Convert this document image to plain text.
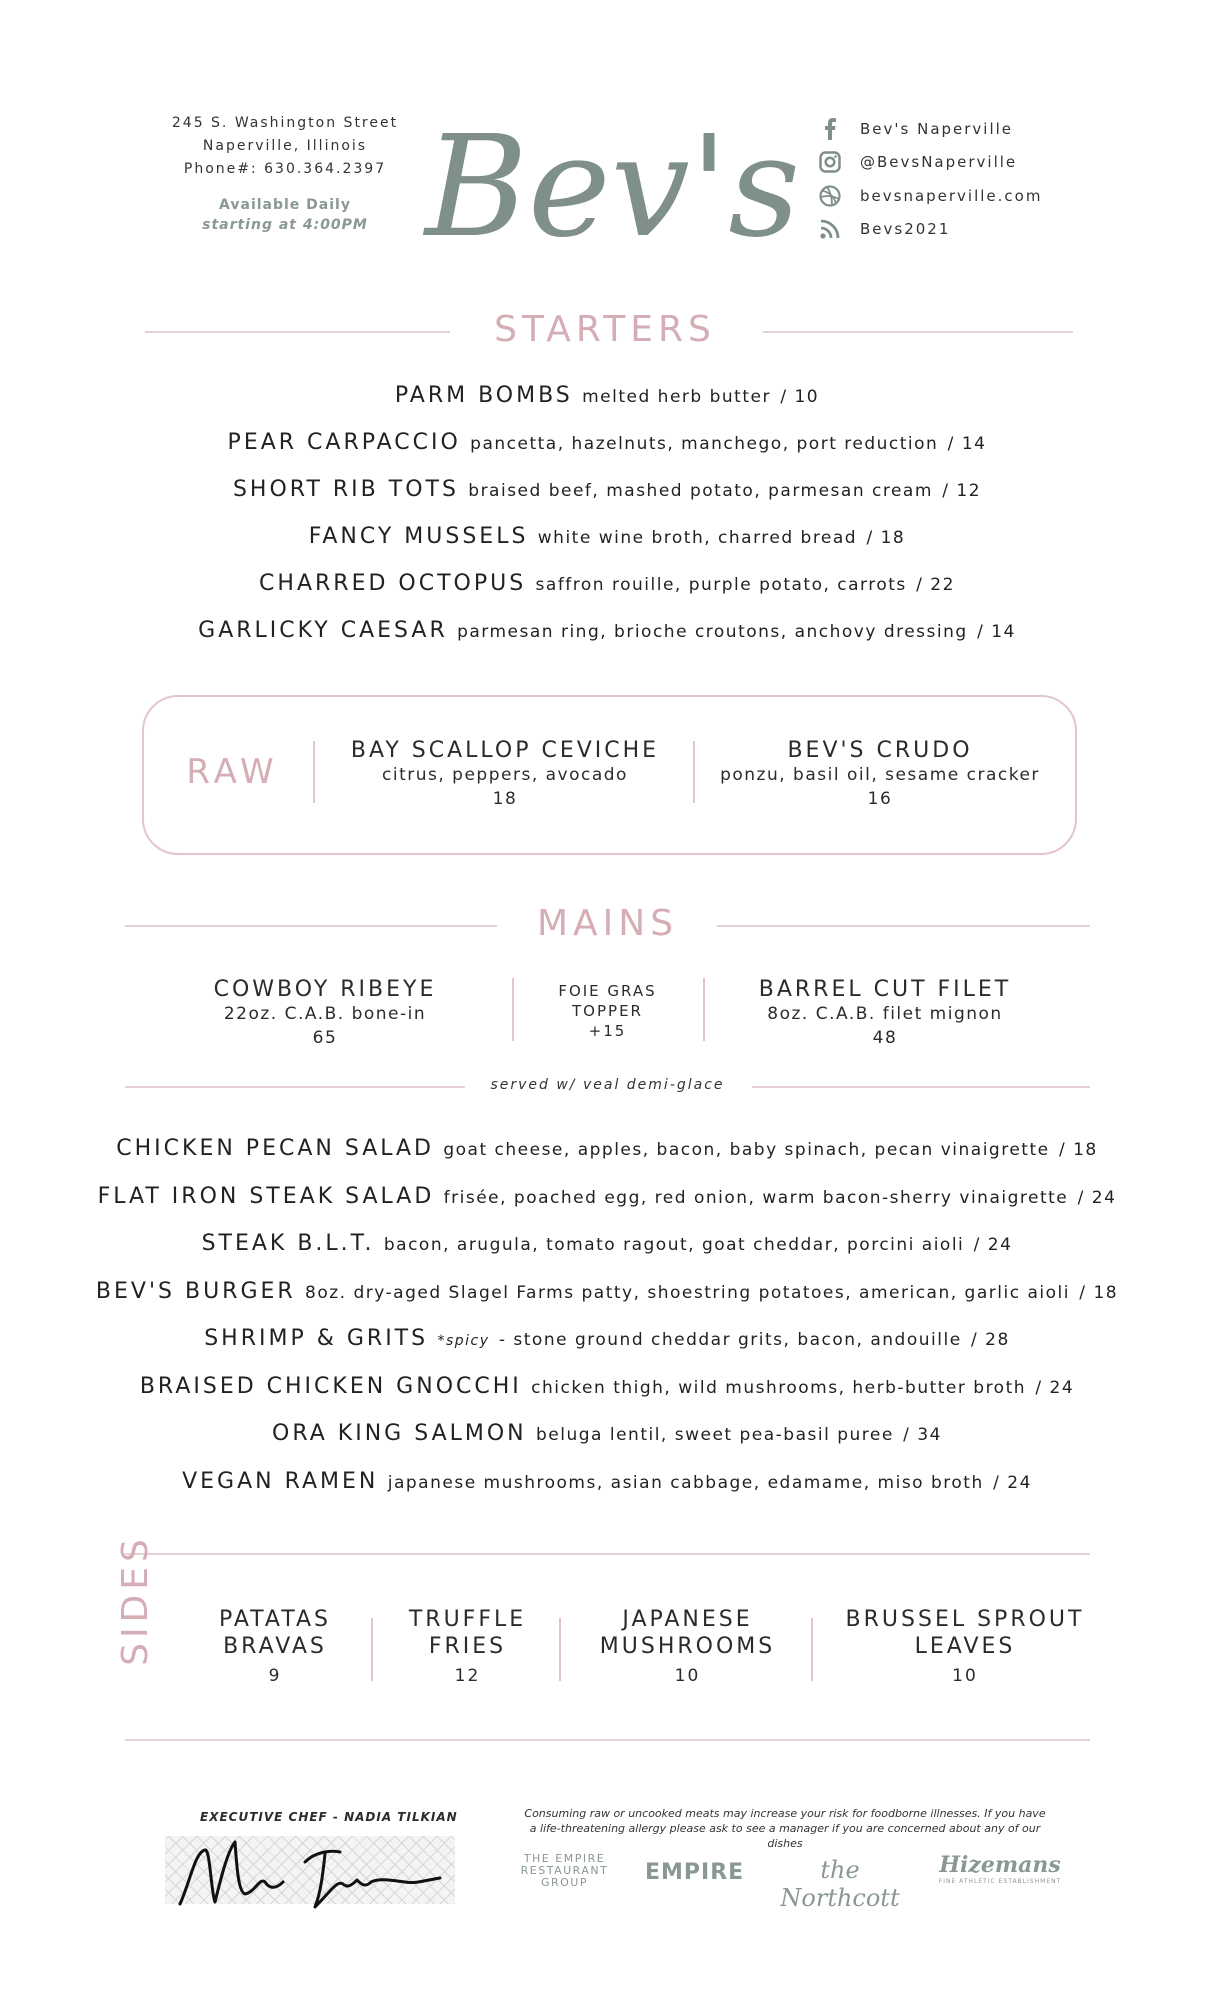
245 S. Washington Street
Naperville, Illinois
Phone#: 630.364.2397
Available Daily
starting at 4:00PM Bev's	Bev's Naperville
@BevsNaperville
bevsnaperville.com
Bevs2021
STARTERS
PARM BOMBS melted herb butter / 10
PEAR CARPACCIO pancetta, hazelnuts, manchego, port reduction / 14
SHORT RIB TOTS braised beef, mashed potato, parmesan cream / 12
FANCY MUSSELS white wine broth, charred bread / 18
CHARRED OCTOPUS saffron rouille, purple potato, carrots / 22
GARLICKY CAESAR parmesan ring, brioche croutons, anchovy dressing / 14
RAW
BAY SCALLOP CEVICHE
citrus, peppers, avocado
18
BEV'S CRUDO
ponzu, basil oil, sesame cracker
16
MAINS
COWBOY RIBEYE
22oz. C.A.B. bone-in
65
FOIE GRAS
TOPPER
+15
BARREL CUT FILET
8oz. C.A.B. filet mignon
48
served w/ veal demi-glace
CHICKEN PECAN SALAD goat cheese, apples, bacon, baby spinach, pecan vinaigrette / 18
FLAT IRON STEAK SALAD frisée, poached egg, red onion, warm bacon-sherry vinaigrette / 24
STEAK B.L.T. bacon, arugula, tomato ragout, goat cheddar, porcini aioli / 24
BEV'S BURGER 8oz. dry-aged Slagel Farms patty, shoestring potatoes, american, garlic aioli / 18
SHRIMP & GRITS *spicy - stone ground cheddar grits, bacon, andouille / 28
BRAISED CHICKEN GNOCCHI chicken thigh, wild mushrooms, herb-butter broth / 24
ORA KING SALMON beluga lentil, sweet pea-basil puree / 34
VEGAN RAMEN japanese mushrooms, asian cabbage, edamame, miso broth / 24
SIDES	PATATAS
BRAVAS
9
TRUFFLE
FRIES
12
JAPANESE
MUSHROOMS
10
BRUSSEL SPROUT
LEAVES
10
EXECUTIVE CHEF - NADIA TILKIAN	Consuming raw or uncooked meats may increase your risk for foodborne illnesses. If you have a life-threatening allergy please ask to see a manager if you are concerned about any of our dishes
THE EMPIRE
RESTAURANT
GROUP	EMPIRE	the Northcott
Hizemans
FINE ATHLETIC ESTABLISHMENT
